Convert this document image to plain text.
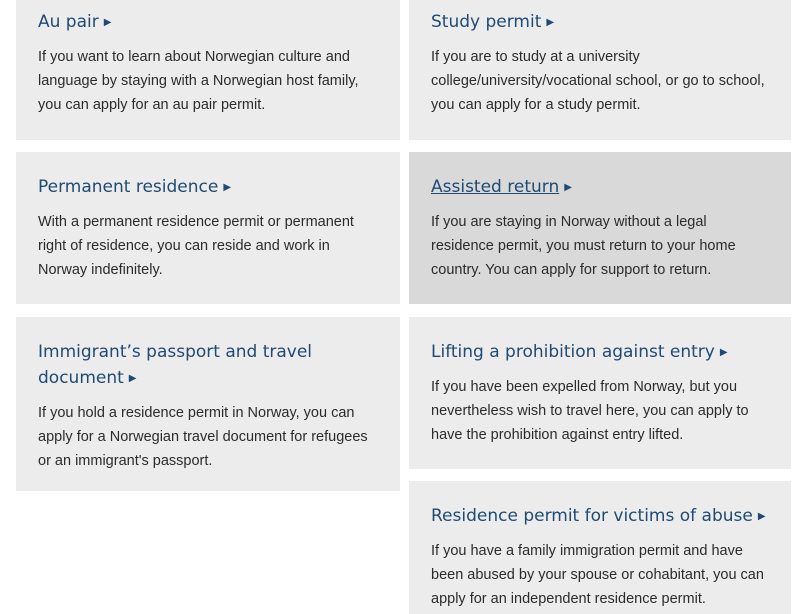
Au pair ▶

If you want to learn about Norwegian culture and language by staying with a Norwegian host family, you can apply for an au pair permit.

Study permit ▶

If you are to study at a university college/university/vocational school, or go to school, you can apply for a study permit.

Permanent residence ▶

With a permanent residence permit or permanent right of residence, you can reside and work in Norway indefinitely.

Assisted return ▶

If you are staying in Norway without a legal residence permit, you must return to your home country. You can apply for support to return.

Immigrant’s passport and travel document ▶

If you hold a residence permit in Norway, you can apply for a Norwegian travel document for refugees or an immigrant's passport.

Lifting a prohibition against entry ▶

If you have been expelled from Norway, but you nevertheless wish to travel here, you can apply to have the prohibition against entry lifted.

Residence permit for victims of abuse ▶

If you have a family immigration permit and have been abused by your spouse or cohabitant, you can apply for an independent residence permit.
